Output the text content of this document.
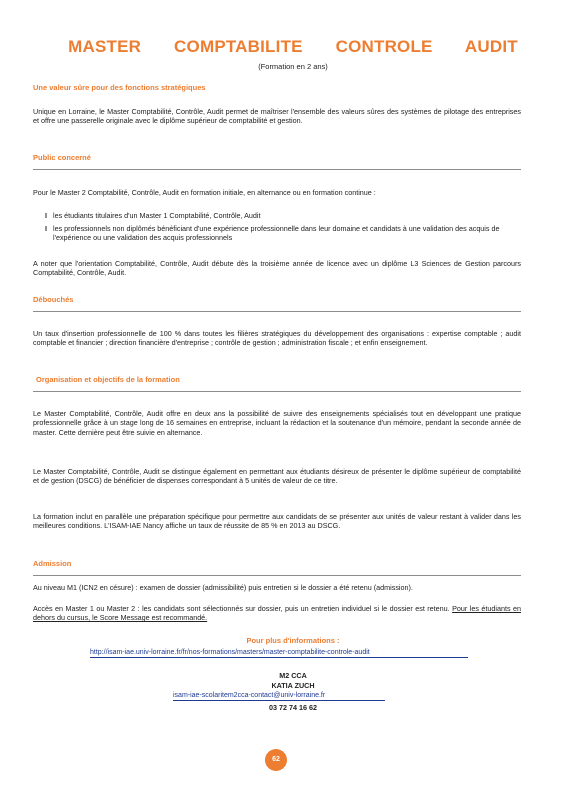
MASTER COMPTABILITE CONTROLE AUDIT
(Formation en 2 ans)
Une valeur sûre pour des fonctions stratégiques
Unique en Lorraine, le Master Comptabilité, Contrôle, Audit permet de maîtriser l'ensemble des valeurs sûres des systèmes de pilotage des entreprises et offre une passerelle originale avec le diplôme supérieur de comptabilité et gestion.
Public concerné
Pour le Master 2 Comptabilité, Contrôle, Audit en formation initiale, en alternance ou en formation continue :
I les étudiants titulaires d'un Master 1 Comptabilité, Contrôle, Audit
I les professionnels non diplômés bénéficiant d'une expérience professionnelle dans leur domaine et candidats à une validation des acquis de l'expérience ou une validation des acquis professionnels
A noter que l'orientation Comptabilité, Contrôle, Audit débute dès la troisième année de licence avec un diplôme L3 Sciences de Gestion parcours Comptabilité, Contrôle, Audit.
Débouchés
Un taux d'insertion professionnelle de 100 % dans toutes les filières stratégiques du développement des organisations : expertise comptable ; audit comptable et financier ; direction financière d'entreprise ; contrôle de gestion ; administration fiscale ; et enfin enseignement.
Organisation et objectifs de la formation
Le Master Comptabilité, Contrôle, Audit offre en deux ans la possibilité de suivre des enseignements spécialisés tout en développant une pratique professionnelle grâce à un stage long de 16 semaines en entreprise, incluant la rédaction et la soutenance d'un mémoire, pendant la seconde année de master. Cette dernière peut être suivie en alternance.
Le Master Comptabilité, Contrôle, Audit se distingue également en permettant aux étudiants désireux de présenter le diplôme supérieur de comptabilité et de gestion (DSCG) de bénéficier de dispenses correspondant à 5 unités de valeur de ce titre.
La formation inclut en parallèle une préparation spécifique pour permettre aux candidats de se présenter aux unités de valeur restant à valider dans les meilleures conditions. L'ISAM-IAE Nancy affiche un taux de réussite de 85 % en 2013 au DSCG.
Admission
Au niveau M1 (ICN2 en césure) : examen de dossier (admissibilité) puis entretien si le dossier a été retenu (admission).
Accès en Master 1 ou Master 2 : les candidats sont sélectionnés sur dossier, puis un entretien individuel si le dossier est retenu. Pour les étudiants en dehors du cursus, le Score Message est recommandé.
Pour plus d'informations :
http://isam-iae.univ-lorraine.fr/fr/nos-formations/masters/master-comptabilite-controle-audit
M2 CCA
KATIA ZUCH
isam-iae-scolaritem2cca-contact@univ-lorraine.fr
03 72 74 16 62
62
